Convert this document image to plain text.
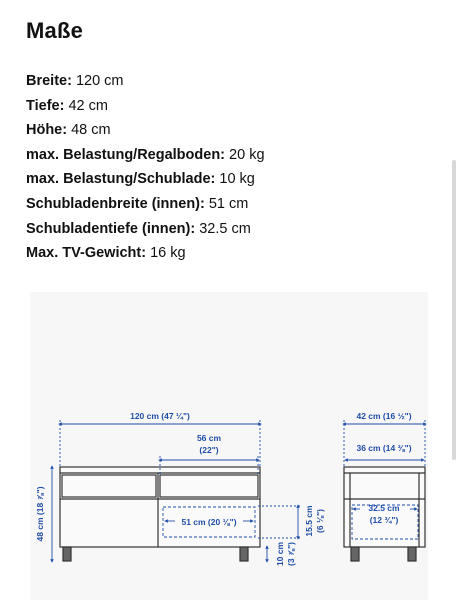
Maße
Breite: 120 cm
Tiefe: 42 cm
Höhe: 48 cm
max. Belastung/Regalboden: 20 kg
max. Belastung/Schublade: 10 kg
Schubladenbreite (innen): 51 cm
Schubladentiefe (innen): 32.5 cm
Max. TV-Gewicht: 16 kg
120 cm (47 ¼")
56 cm
(22")
48 cm (18 ⅞")	51 cm (20 ⅛")	15.5 cm (6 ⅛")
10 cm (3 ⅞")
42 cm (16 ½")
36 cm (14 ⅜")
32.5 cm
(12 ¾")
